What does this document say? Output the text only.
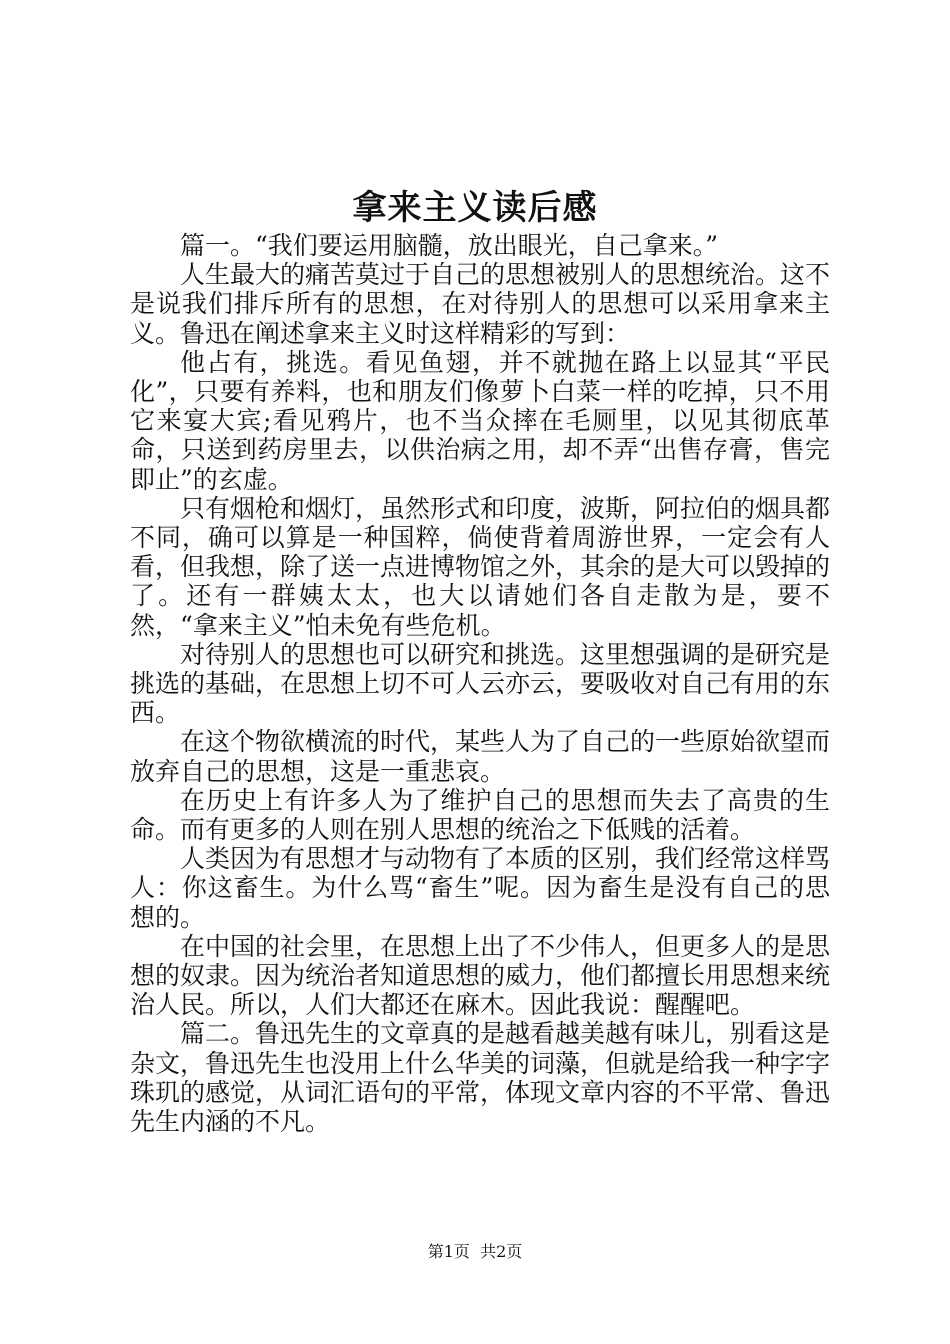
拿来主义读后感

篇一。“我们要运用脑髓，放出眼光，自己拿来。”

人生最大的痛苦莫过于自己的思想被别人的思想统治。这不是说我们排斥所有的思想，在对待别人的思想可以采用拿来主义。鲁迅在阐述拿来主义时这样精彩的写到：

他占有，挑选。看见鱼翅，并不就抛在路上以显其“平民化”，只要有养料，也和朋友们像萝卜白菜一样的吃掉，只不用它来宴大宾;看见鸦片，也不当众摔在毛厕里，以见其彻底革命，只送到药房里去，以供治病之用，却不弄“出售存膏，售完即止”的玄虚。

只有烟枪和烟灯，虽然形式和印度，波斯，阿拉伯的烟具都不同，确可以算是一种国粹，倘使背着周游世界，一定会有人看，但我想，除了送一点进博物馆之外，其余的是大可以毁掉的了。还有一群姨太太，也大以请她们各自走散为是，要不然，“拿来主义”怕未免有些危机。

对待别人的思想也可以研究和挑选。这里想强调的是研究是挑选的基础，在思想上切不可人云亦云，要吸收对自己有用的东西。

在这个物欲横流的时代，某些人为了自己的一些原始欲望而放弃自己的思想，这是一重悲哀。

在历史上有许多人为了维护自己的思想而失去了高贵的生命。而有更多的人则在别人思想的统治之下低贱的活着。

人类因为有思想才与动物有了本质的区别，我们经常这样骂人：你这畜生。为什么骂“畜生”呢。因为畜生是没有自己的思想的。

在中国的社会里，在思想上出了不少伟人，但更多人的是思想的奴隶。因为统治者知道思想的威力，他们都擅长用思想来统治人民。所以，人们大都还在麻木。因此我说：醒醒吧。

篇二。鲁迅先生的文章真的是越看越美越有味儿，别看这是杂文，鲁迅先生也没用上什么华美的词藻，但就是给我一种字字珠玑的感觉，从词汇语句的平常，体现文章内容的不平常、鲁迅先生内涵的不凡。

第1页 共2页
